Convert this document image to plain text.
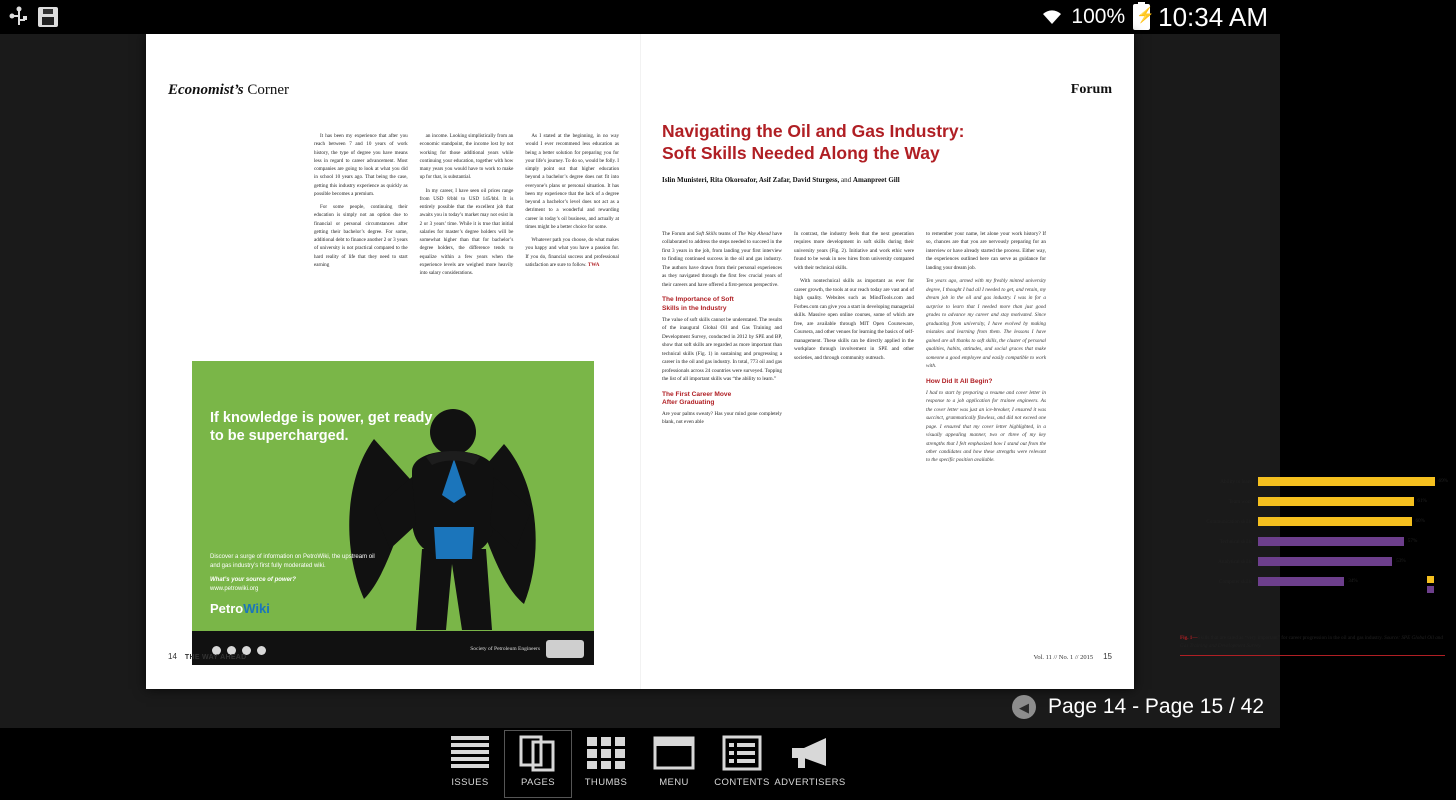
100% ⚡ 10:34 AM
Economist’s Corner

It has been my experience that after you reach between 7 and 10 years of work history, the type of degree you have means less in regard to career advancement. Most companies are going to look at what you did in school 10 years ago. That being the case, getting this industry experience as quickly as possible becomes a premium.

For some people, continuing their education is simply not an option due to financial or personal circumstances after getting their bachelor’s degree. For some, additional debt to finance another 2 or 3 years of university is not practical compared to the hard reality of life that they need to start earning

an income. Looking simplistically from an economic standpoint, the income lost by not working for those additional years while continuing your education, together with how many years you would have to work to make up for that, is substantial.

In my career, I have seen oil prices range from USD 8/bbl to USD 145/bbl. It is entirely possible that the excellent job that awaits you in today’s market may not exist in 2 or 3 years’ time. While it is true that initial salaries for master’s degree holders will be somewhat higher than that for bachelor’s degree holders, the difference tends to equalize within a few years when the experience levels are weighed more heavily into salary considerations.

As I stated at the beginning, in no way would I ever recommend less education as being a better solution for preparing you for your life’s journey. To do so, would be folly. I simply point out that higher education beyond a bachelor’s degree does not fit into everyone’s plans or personal situation. It has been my experience that the lack of a degree beyond a bachelor’s level does not act as a detriment to a wonderful and rewarding career in today’s oil business, and actually at times might be a better choice for some.

Whatever path you choose, do what makes you happy and what you have a passion for. If you do, financial success and professional satisfaction are sure to follow. TWA

If knowledge is power, get ready to be supercharged.
Discover a surge of information on PetroWiki, the upstream oil and gas industry’s first fully moderated wiki.
What’s your source of power?
www.petrowiki.org
PetroWiki
Society of Petroleum Engineers
14 THE WAY AHEAD
Forum
Navigating the Oil and Gas Industry:
Soft Skills Needed Along the Way
Islin Munisteri, Rita Okoroafor, Asif Zafar, David Sturgess, and Amanpreet Gill

The Forum and Soft Skills teams of The Way Ahead have collaborated to address the steps needed to succeed in the first 3 years in the job, from landing your first interview to finding continued success in the oil and gas industry. The authors have drawn from their personal experiences as they navigated through the first few crucial years of their careers and have offered a first-person perspective.

The Importance of Soft
Skills in the Industry

The value of soft skills cannot be understated. The results of the inaugural Global Oil and Gas Training and Development Survey, conducted in 2012 by SPE and BP, show that soft skills are regarded as more important than technical skills (Fig. 1) in sustaining and progressing a career in the oil and gas industry. In total, 773 oil and gas professionals across 24 countries were surveyed. Topping the list of all important skills was “the ability to learn.”

The First Career Move
After Graduating

Are your palms sweaty? Has your mind gone completely blank, not even able

In contrast, the industry feels that the next generation requires more development in soft skills during their university years (Fig. 2). Initiative and work ethic were found to be weak in new hires from university compared with their technical skills.

With nontechnical skills as important as ever for career growth, the tools at our reach today are vast and of high quality. Websites such as MindTools.com and Forbes.com can give you a start in developing managerial skills. Massive open online courses, some of which are free, are available through MIT Open Courseware, Coursera, and other venues for learning the basics of self-management. These skills can be directly applied in the workplace through involvement in SPE and other societies, and through community outreach.

to remember your name, let alone your work history? If so, chances are that you are nervously preparing for an interview or have already started the process. Either way, the experiences outlined here can serve as guidance for landing your dream job.

Ten years ago, armed with my freshly minted university degree, I thought I had all I needed to get, and retain, my dream job in the oil and gas industry. I was in for a surprise to learn that I needed more than just good grades to advance my career and stay motivated. Since graduating from university, I have evolved by making mistakes and learning from them. The lessons I have gained are all thanks to soft skills, the cluster of personal qualities, habits, attitudes, and social graces that make someone a good employee and easily compatible to work with.

How Did It All Begin?

I had to start by preparing a resume and cover letter in response to a job application for trainee engineers. As the cover letter was just an ice-breaker, I ensured it was succinct, grammatically flawless, and did not exceed one page. I ensured that my cover letter highlighted, in a visually appealing manner, two or three of my key strengths that I felt emphasized how I stand out from the other candidates and how these strengths were relevant to the specific position available.

Ability to learn	69%
Team work	61%
Communication skills	60%
Technical skills	57%
Analytical skills	53%
Computer skills	34%	Soft
Technical
Fig. 1—Skills that are rated as “very important” for career progression in the oil and gas industry. Source: SPE Global Oil and Gas Training and Development Survey.
Vol. 11 // No. 1 // 2015 15
◀ Page 14 - Page 15 / 42
ISSUES	PAGES	THUMBS	MENU	CONTENTS ADVERTISERS
